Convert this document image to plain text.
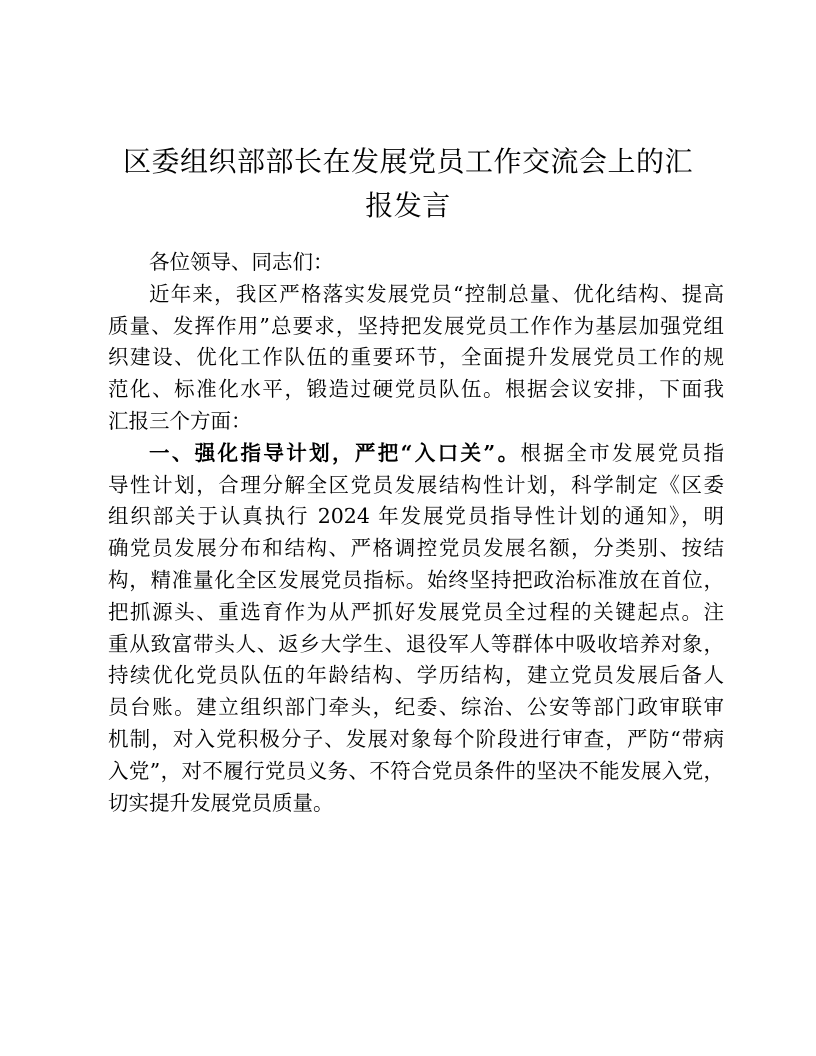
区委组织部部长在发展党员工作交流会上的汇
报发言
各位领导、同志们：
近年来，我区严格落实发展党员“控制总量、优化结构、提高
质量、发挥作用”总要求，坚持把发展党员工作作为基层加强党组
织建设、优化工作队伍的重要环节，全面提升发展党员工作的规
范化、标准化水平，锻造过硬党员队伍。根据会议安排，下面我
汇报三个方面：
一、强化指导计划，严把“入口关”。根据全市发展党员指
导性计划，合理分解全区党员发展结构性计划，科学制定《区委
组织部关于认真执行 2024 年发展党员指导性计划的通知》，明
确党员发展分布和结构、严格调控党员发展名额，分类别、按结
构，精准量化全区发展党员指标。始终坚持把政治标准放在首位，
把抓源头、重选育作为从严抓好发展党员全过程的关键起点。注
重从致富带头人、返乡大学生、退役军人等群体中吸收培养对象，
持续优化党员队伍的年龄结构、学历结构，建立党员发展后备人
员台账。建立组织部门牵头，纪委、综治、公安等部门政审联审
机制，对入党积极分子、发展对象每个阶段进行审查，严防“带病
入党”，对不履行党员义务、不符合党员条件的坚决不能发展入党，
切实提升发展党员质量。
